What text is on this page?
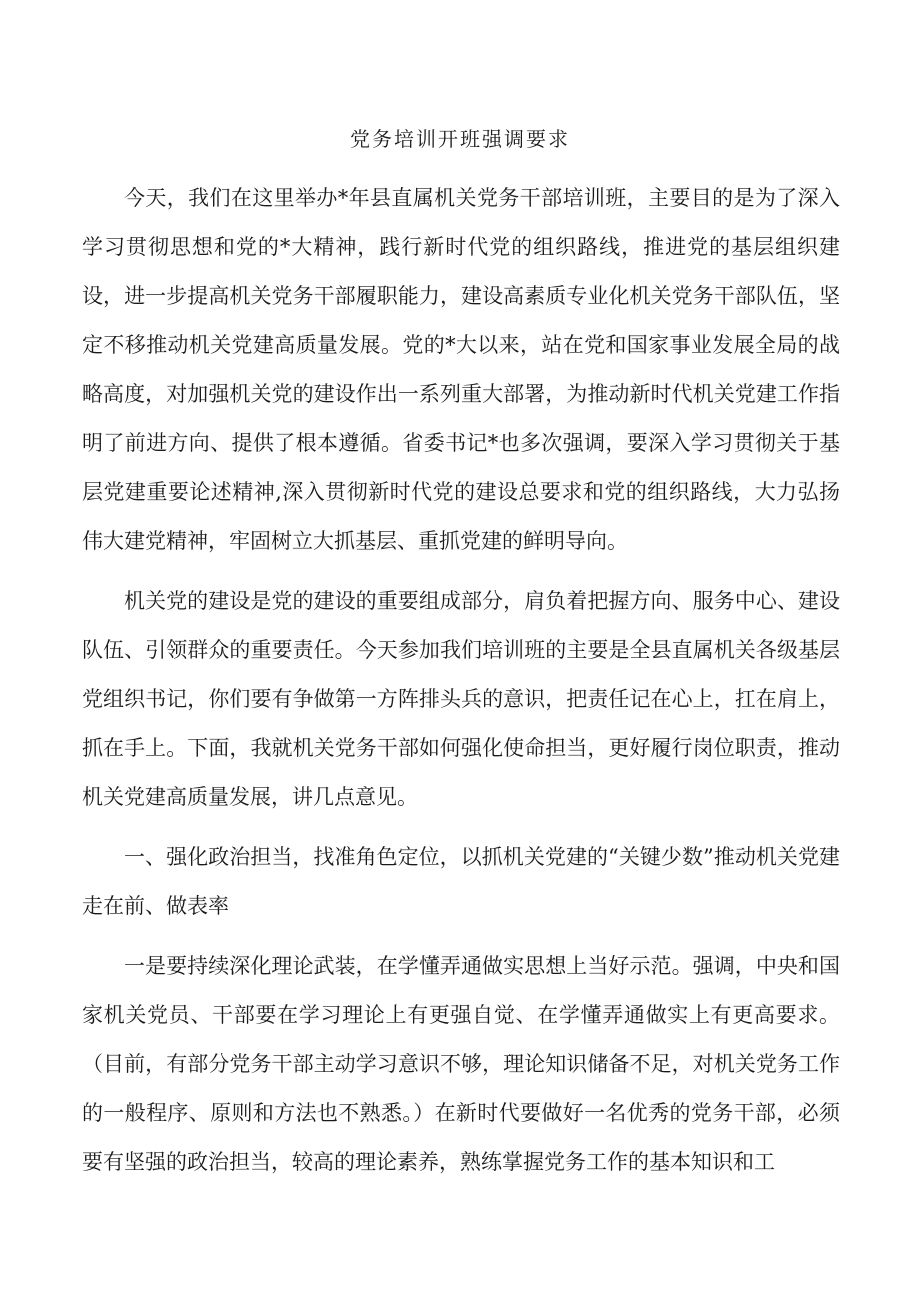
党务培训开班强调要求

今天，我们在这里举办*年县直属机关党务干部培训班，主要目的是为了深入学习贯彻思想和党的*大精神，践行新时代党的组织路线，推进党的基层组织建设，进一步提高机关党务干部履职能力，建设高素质专业化机关党务干部队伍，坚定不移推动机关党建高质量发展。党的*大以来，站在党和国家事业发展全局的战略高度，对加强机关党的建设作出一系列重大部署，为推动新时代机关党建工作指明了前进方向、提供了根本遵循。省委书记*也多次强调，要深入学习贯彻关于基层党建重要论述精神,深入贯彻新时代党的建设总要求和党的组织路线，大力弘扬伟大建党精神，牢固树立大抓基层、重抓党建的鲜明导向。

机关党的建设是党的建设的重要组成部分，肩负着把握方向、服务中心、建设队伍、引领群众的重要责任。今天参加我们培训班的主要是全县直属机关各级基层党组织书记，你们要有争做第一方阵排头兵的意识，把责任记在心上，扛在肩上，抓在手上。下面，我就机关党务干部如何强化使命担当，更好履行岗位职责，推动机关党建高质量发展，讲几点意见。

一、强化政治担当，找准角色定位，以抓机关党建的“关键少数”推动机关党建走在前、做表率

一是要持续深化理论武装，在学懂弄通做实思想上当好示范。强调，中央和国家机关党员、干部要在学习理论上有更强自觉、在学懂弄通做实上有更高要求。（目前，有部分党务干部主动学习意识不够，理论知识储备不足，对机关党务工作的一般程序、原则和方法也不熟悉。）在新时代要做好一名优秀的党务干部，必须要有坚强的政治担当，较高的理论素养，熟练掌握党务工作的基本知识和工
